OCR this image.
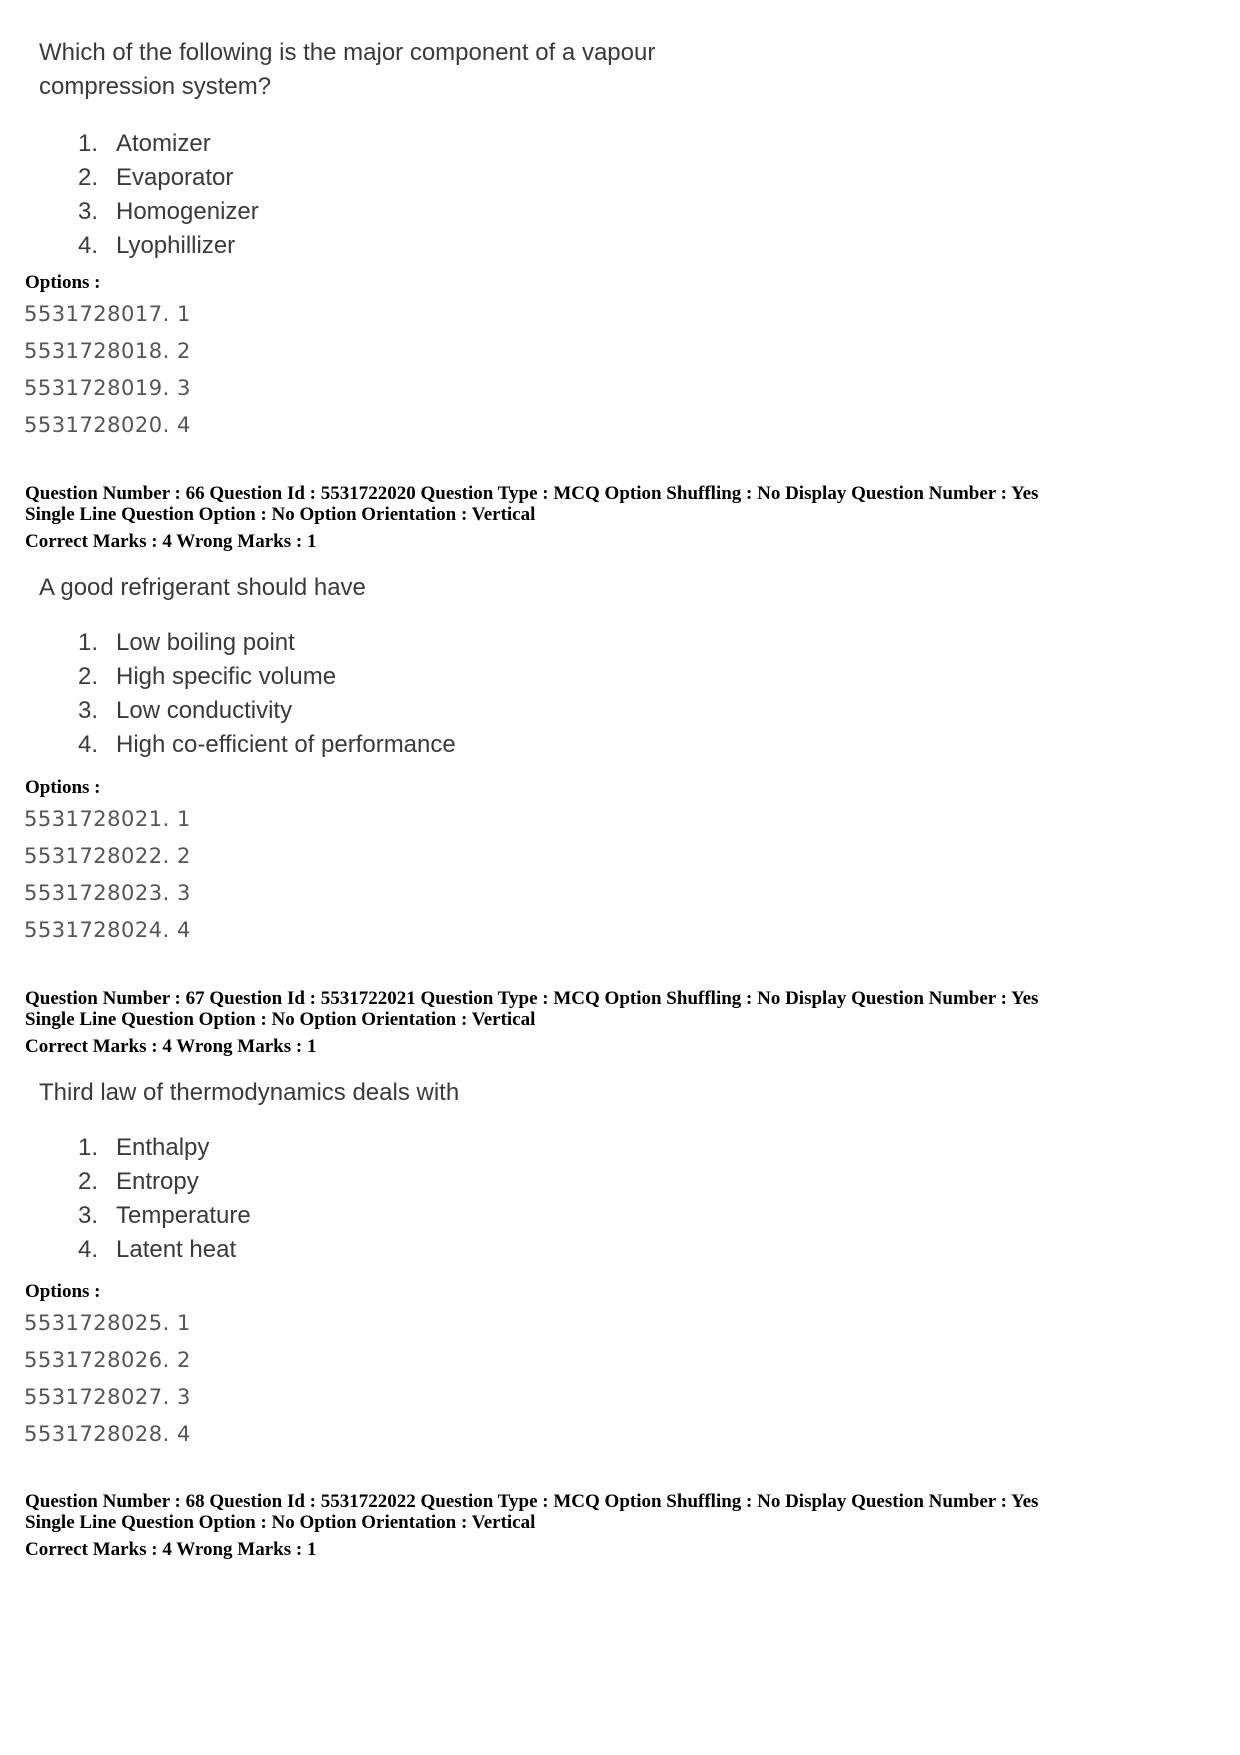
Which of the following is the major component of a vapour
compression system?
1. Atomizer
2. Evaporator
3. Homogenizer
4. Lyophillizer
Options :
5531728017. 1
5531728018. 2
5531728019. 3
5531728020. 4
Question Number : 66 Question Id : 5531722020 Question Type : MCQ Option Shuffling : No Display Question Number : Yes
Single Line Question Option : No Option Orientation : Vertical
Correct Marks : 4 Wrong Marks : 1
A good refrigerant should have
1. Low boiling point
2. High specific volume
3. Low conductivity
4. High co-efficient of performance
Options :
5531728021. 1
5531728022. 2
5531728023. 3
5531728024. 4
Question Number : 67 Question Id : 5531722021 Question Type : MCQ Option Shuffling : No Display Question Number : Yes
Single Line Question Option : No Option Orientation : Vertical
Correct Marks : 4 Wrong Marks : 1
Third law of thermodynamics deals with
1. Enthalpy
2. Entropy
3. Temperature
4. Latent heat
Options :
5531728025. 1
5531728026. 2
5531728027. 3
5531728028. 4
Question Number : 68 Question Id : 5531722022 Question Type : MCQ Option Shuffling : No Display Question Number : Yes
Single Line Question Option : No Option Orientation : Vertical
Correct Marks : 4 Wrong Marks : 1
